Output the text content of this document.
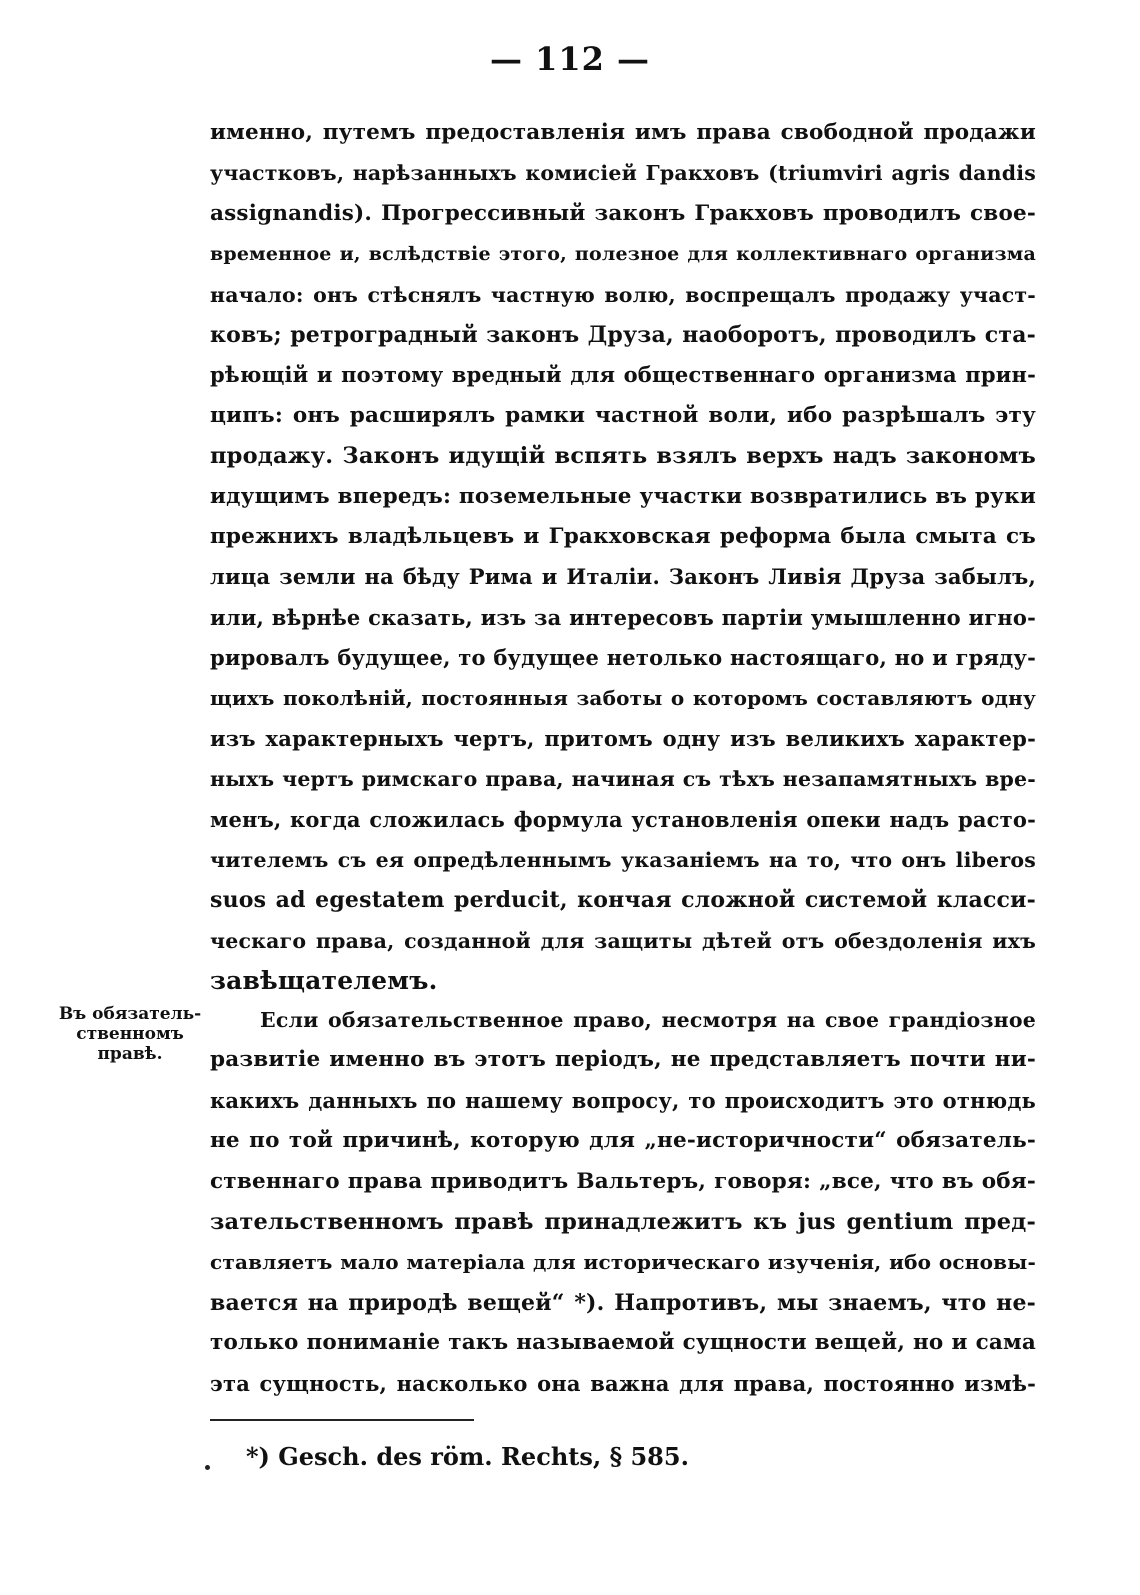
— 112 —
именно, путемъ предоставленія имъ права свободной продажи
участковъ, нарѣзанныхъ комисіей Гракховъ (triumviri agris dandis
assignandis). Прогрессивный законъ Гракховъ проводилъ свое-
временное и, вслѣдствіе этого, полезное для коллективнаго организма
начало: онъ стѣснялъ частную волю, воспрещалъ продажу участ-
ковъ; ретроградный законъ Друза, наоборотъ, проводилъ ста-
рѣющій и поэтому вредный для общественнаго организма прин-
ципъ: онъ расширялъ рамки частной воли, ибо разрѣшалъ эту
продажу. Законъ идущій вспять взялъ верхъ надъ закономъ
идущимъ впередъ: поземельные участки возвратились въ руки
прежнихъ владѣльцевъ и Гракховская реформа была смыта съ
лица земли на бѣду Рима и Италіи. Законъ Ливія Друза забылъ,
или, вѣрнѣе сказать, изъ за интересовъ партіи умышленно игно-
рировалъ будущее, то будущее нетолько настоящаго, но и гряду-
щихъ поколѣній, постоянныя заботы о которомъ составляютъ одну
изъ характерныхъ чертъ, притомъ одну изъ великихъ характер-
ныхъ чертъ римскаго права, начиная съ тѣхъ незапамятныхъ вре-
менъ, когда сложилась формула установленія опеки надъ расто-
чителемъ съ ея опредѣленнымъ указаніемъ на то, что онъ liberos
suos ad egestatem perducit, кончая сложной системой класси-
ческаго права, созданной для защиты дѣтей отъ обездоленія ихъ
завѣщателемъ.
Въ обязатель-
ственномъ
правѣ.
Если обязательственное право, несмотря на свое грандіозное
развитіе именно въ этотъ періодъ, не представляетъ почти ни-
какихъ данныхъ по нашему вопросу, то происходитъ это отнюдь
не по той причинѣ, которую для „не-историчности“ обязатель-
ственнаго права приводитъ Вальтеръ, говоря: „все, что въ обя-
зательственномъ правѣ принадлежитъ къ jus gentium пред-
ставляетъ мало матеріала для историческаго изученія, ибо основы-
вается на природѣ вещей“ *). Напротивъ, мы знаемъ, что не-
только пониманіе такъ называемой сущности вещей, но и сама
эта сущность, насколько она важна для права, постоянно измѣ-
*) Gesch. des röm. Rechts, § 585.
